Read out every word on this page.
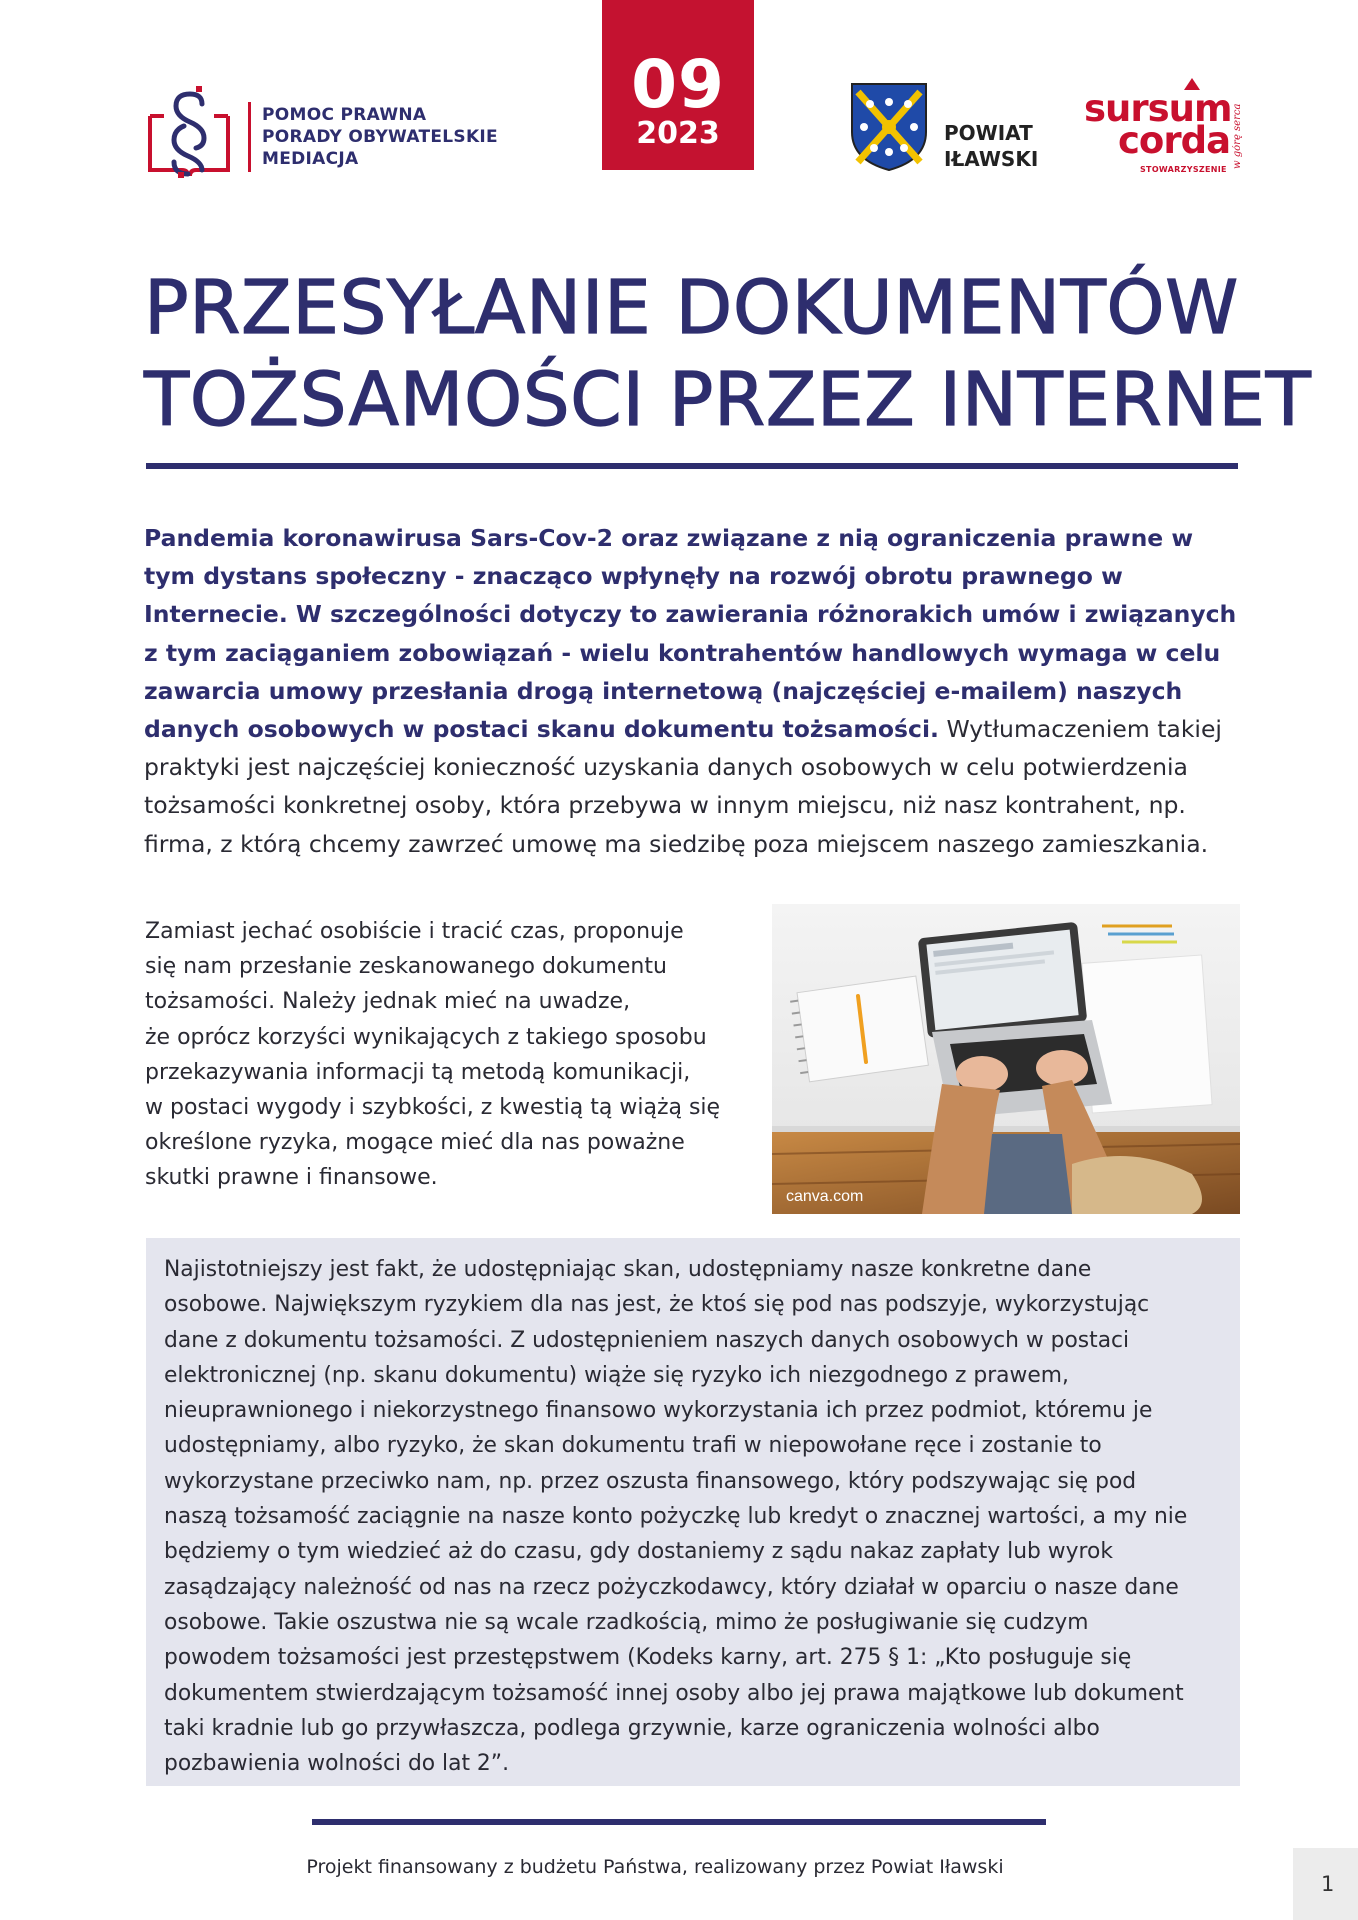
POMOC PRAWNA
PORADY OBYWATELSKIE
MEDIACJA
09
2023	POWIAT
IŁAWSKI
sursum
corda
STOWARZYSZENIE
w górę serca
PRZESYŁANIE DOKUMENTÓW
TOŻSAMOŚCI PRZEZ INTERNET

Pandemia koronawirusa Sars-Cov-2 oraz związane z nią ograniczenia prawne w tym dystans społeczny - znacząco wpłynęły na rozwój obrotu prawnego w Internecie. W szczególności dotyczy to zawierania różnorakich umów i związanych z tym zaciąganiem zobowiązań - wielu kontrahentów handlowych wymaga w celu zawarcia umowy przesłania drogą internetową (najczęściej e-mailem) naszych danych osobowych w postaci skanu dokumentu tożsamości. Wytłumaczeniem takiej praktyki jest najczęściej konieczność uzyskania danych osobowych w celu potwierdzenia tożsamości konkretnej osoby, która przebywa w innym miejscu, niż nasz kontrahent, np. firma, z którą chcemy zawrzeć umowę ma siedzibę poza miejscem naszego zamieszkania.

Zamiast jechać osobiście i tracić czas, proponuje
się nam przesłanie zeskanowanego dokumentu
tożsamości. Należy jednak mieć na uwadze,
że oprócz korzyści wynikających z takiego sposobu
przekazywania informacji tą metodą komunikacji,
w postaci wygody i szybkości, z kwestią tą wiążą się
określone ryzyka, mogące mieć dla nas poważne
skutki prawne i finansowe.

canva.com

Najistotniejszy jest fakt, że udostępniając skan, udostępniamy nasze konkretne dane
osobowe. Największym ryzykiem dla nas jest, że ktoś się pod nas podszyje, wykorzystując
dane z dokumentu tożsamości. Z udostępnieniem naszych danych osobowych w postaci
elektronicznej (np. skanu dokumentu) wiąże się ryzyko ich niezgodnego z prawem,
nieuprawnionego i niekorzystnego finansowo wykorzystania ich przez podmiot, któremu je
udostępniamy, albo ryzyko, że skan dokumentu trafi w niepowołane ręce i zostanie to
wykorzystane przeciwko nam, np. przez oszusta finansowego, który podszywając się pod
naszą tożsamość zaciągnie na nasze konto pożyczkę lub kredyt o znacznej wartości, a my nie
będziemy o tym wiedzieć aż do czasu, gdy dostaniemy z sądu nakaz zapłaty lub wyrok
zasądzający należność od nas na rzecz pożyczkodawcy, który działał w oparciu o nasze dane
osobowe. Takie oszustwa nie są wcale rzadkością, mimo że posługiwanie się cudzym
powodem tożsamości jest przestępstwem (Kodeks karny, art. 275 § 1: „Kto posługuje się
dokumentem stwierdzającym tożsamość innej osoby albo jej prawa majątkowe lub dokument
taki kradnie lub go przywłaszcza, podlega grzywnie, karze ograniczenia wolności albo
pozbawienia wolności do lat 2”.

Projekt finansowany z budżetu Państwa, realizowany przez Powiat Iławski
1
